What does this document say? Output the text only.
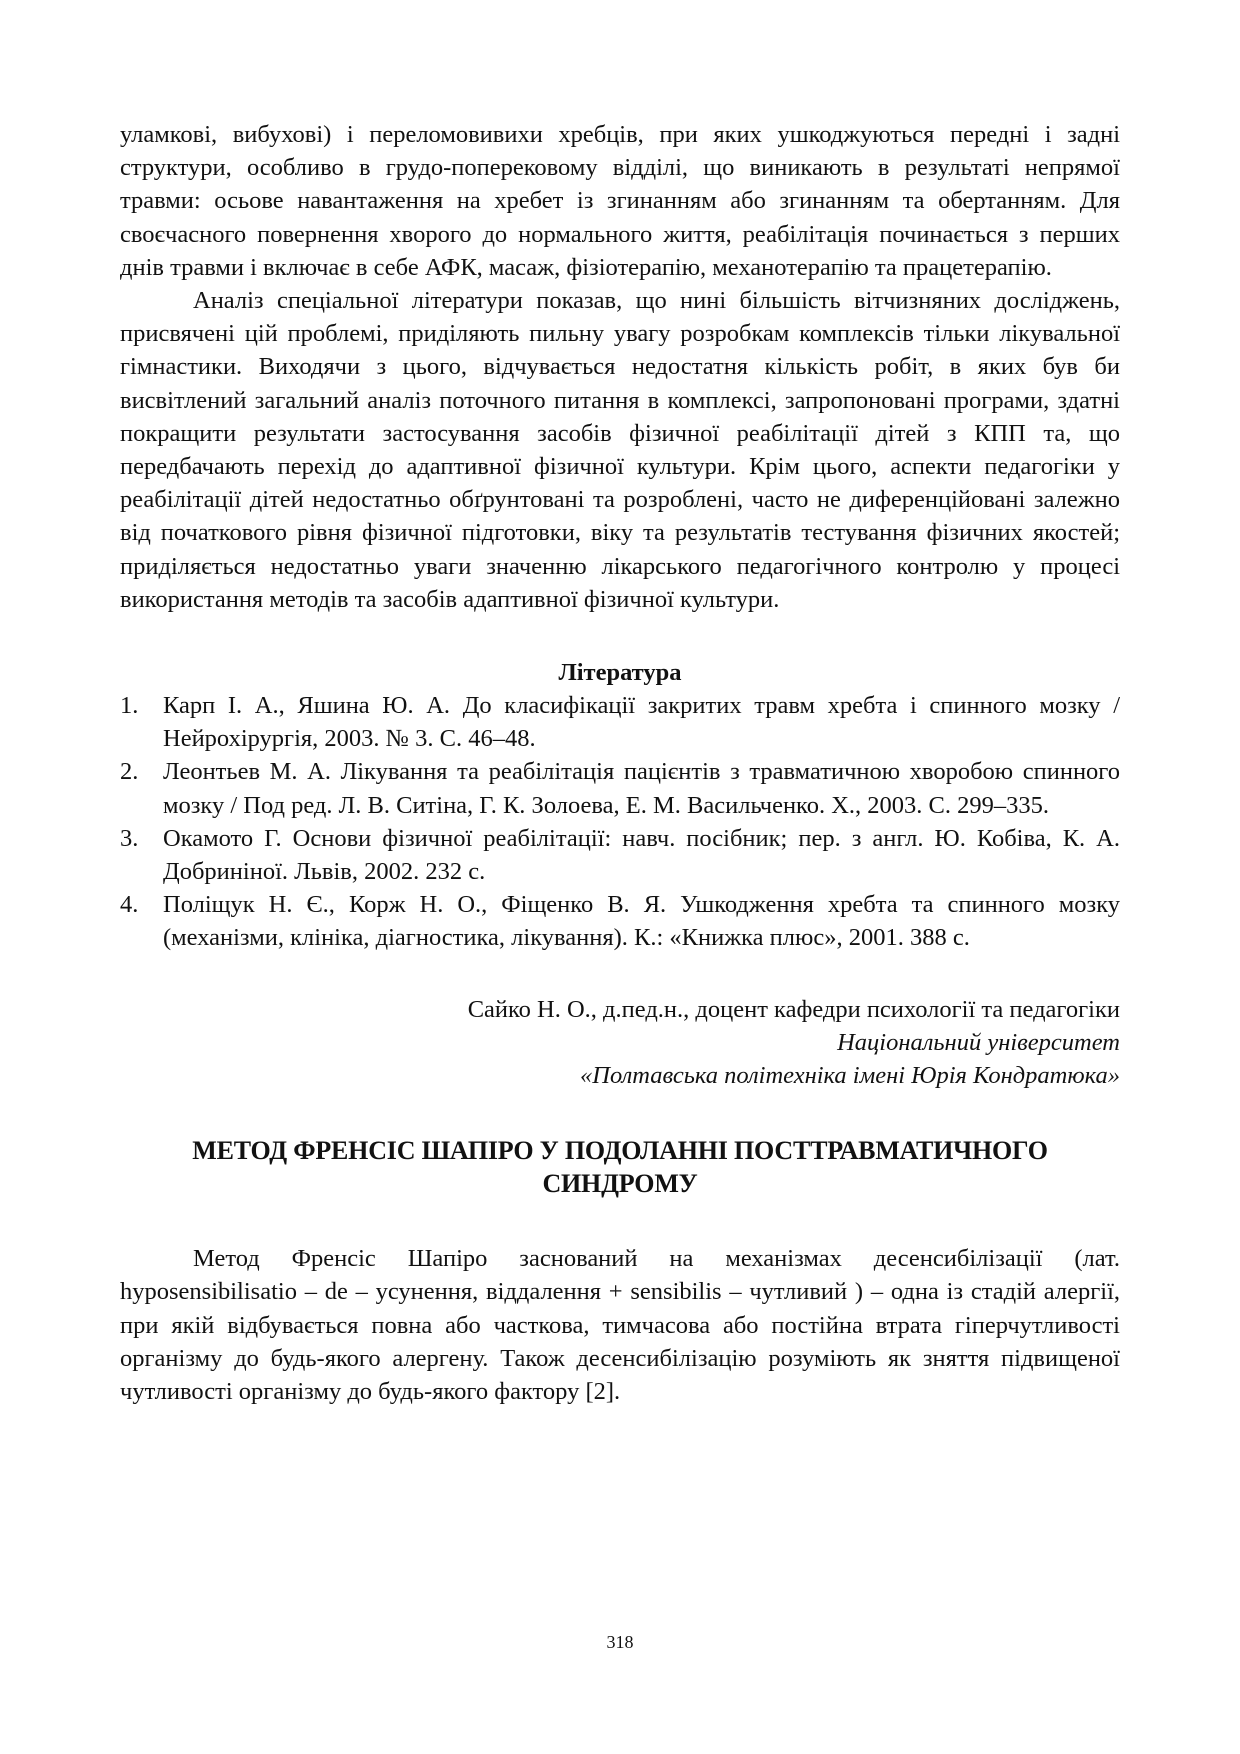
уламкові, вибухові) і переломовивихи хребців, при яких ушкоджуються передні і задні структури, особливо в грудо-поперековому відділі, що виникають в результаті непрямої травми: осьове навантаження на хребет із згинанням або згинанням та обертанням. Для своєчасного повернення хворого до нормального життя, реабілітація починається з перших днів травми і включає в себе АФК, масаж, фізіотерапію, механотерапію та працетерапію.

Аналіз спеціальної літератури показав, що нині більшість вітчизняних досліджень, присвячені цій проблемі, приділяють пильну увагу розробкам комплексів тільки лікувальної гімнастики. Виходячи з цього, відчувається недостатня кількість робіт, в яких був би висвітлений загальний аналіз поточного питання в комплексі, запропоновані програми, здатні покращити результати застосування засобів фізичної реабілітації дітей з КПП та, що передбачають перехід до адаптивної фізичної культури. Крім цього, аспекти педагогіки у реабілітації дітей недостатньо обґрунтовані та розроблені, часто не диференційовані залежно від початкового рівня фізичної підготовки, віку та результатів тестування фізичних якостей; приділяється недостатньо уваги значенню лікарського педагогічного контролю у процесі використання методів та засобів адаптивної фізичної культури.

Література
1. Карп І. А., Яшина Ю. А. До класифікації закритих травм хребта і спинного мозку / Нейрохірургія, 2003. № 3. С. 46–48.
2. Леонтьев М. А. Лікування та реабілітація пацієнтів з травматичною хворобою спинного мозку / Под ред. Л. В. Ситіна, Г. К. Золоева, Е. М. Васильченко. Х., 2003. С. 299–335.
3. Окамото Г. Основи фізичної реабілітації: навч. посібник; пер. з англ. Ю. Кобіва, К. А. Добриніної. Львів, 2002. 232 с.
4. Поліщук Н. Є., Корж Н. О., Фіщенко В. Я. Ушкодження хребта та спинного мозку (механізми, клініка, діагностика, лікування). К.: «Книжка плюс», 2001. 388 с.
Сайко Н. О., д.пед.н., доцент кафедри психології та педагогіки
Національний університет
«Полтавська політехніка імені Юрія Кондратюка»
МЕТОД ФРЕНСІС ШАПІРО У ПОДОЛАННІ ПОСТТРАВМАТИЧНОГО СИНДРОМУ

Метод Френсіс Шапіро заснований на механізмах десенсибілізації (лат. hyposensibilisatio – de – усунення, віддалення + sensibilis – чутливий ) – одна із стадій алергії, при якій відбувається повна або часткова, тимчасова або постійна втрата гіперчутливості організму до будь-якого алергену. Також десенсибілізацію розуміють як зняття підвищеної чутливості організму до будь-якого фактору [2].

318
